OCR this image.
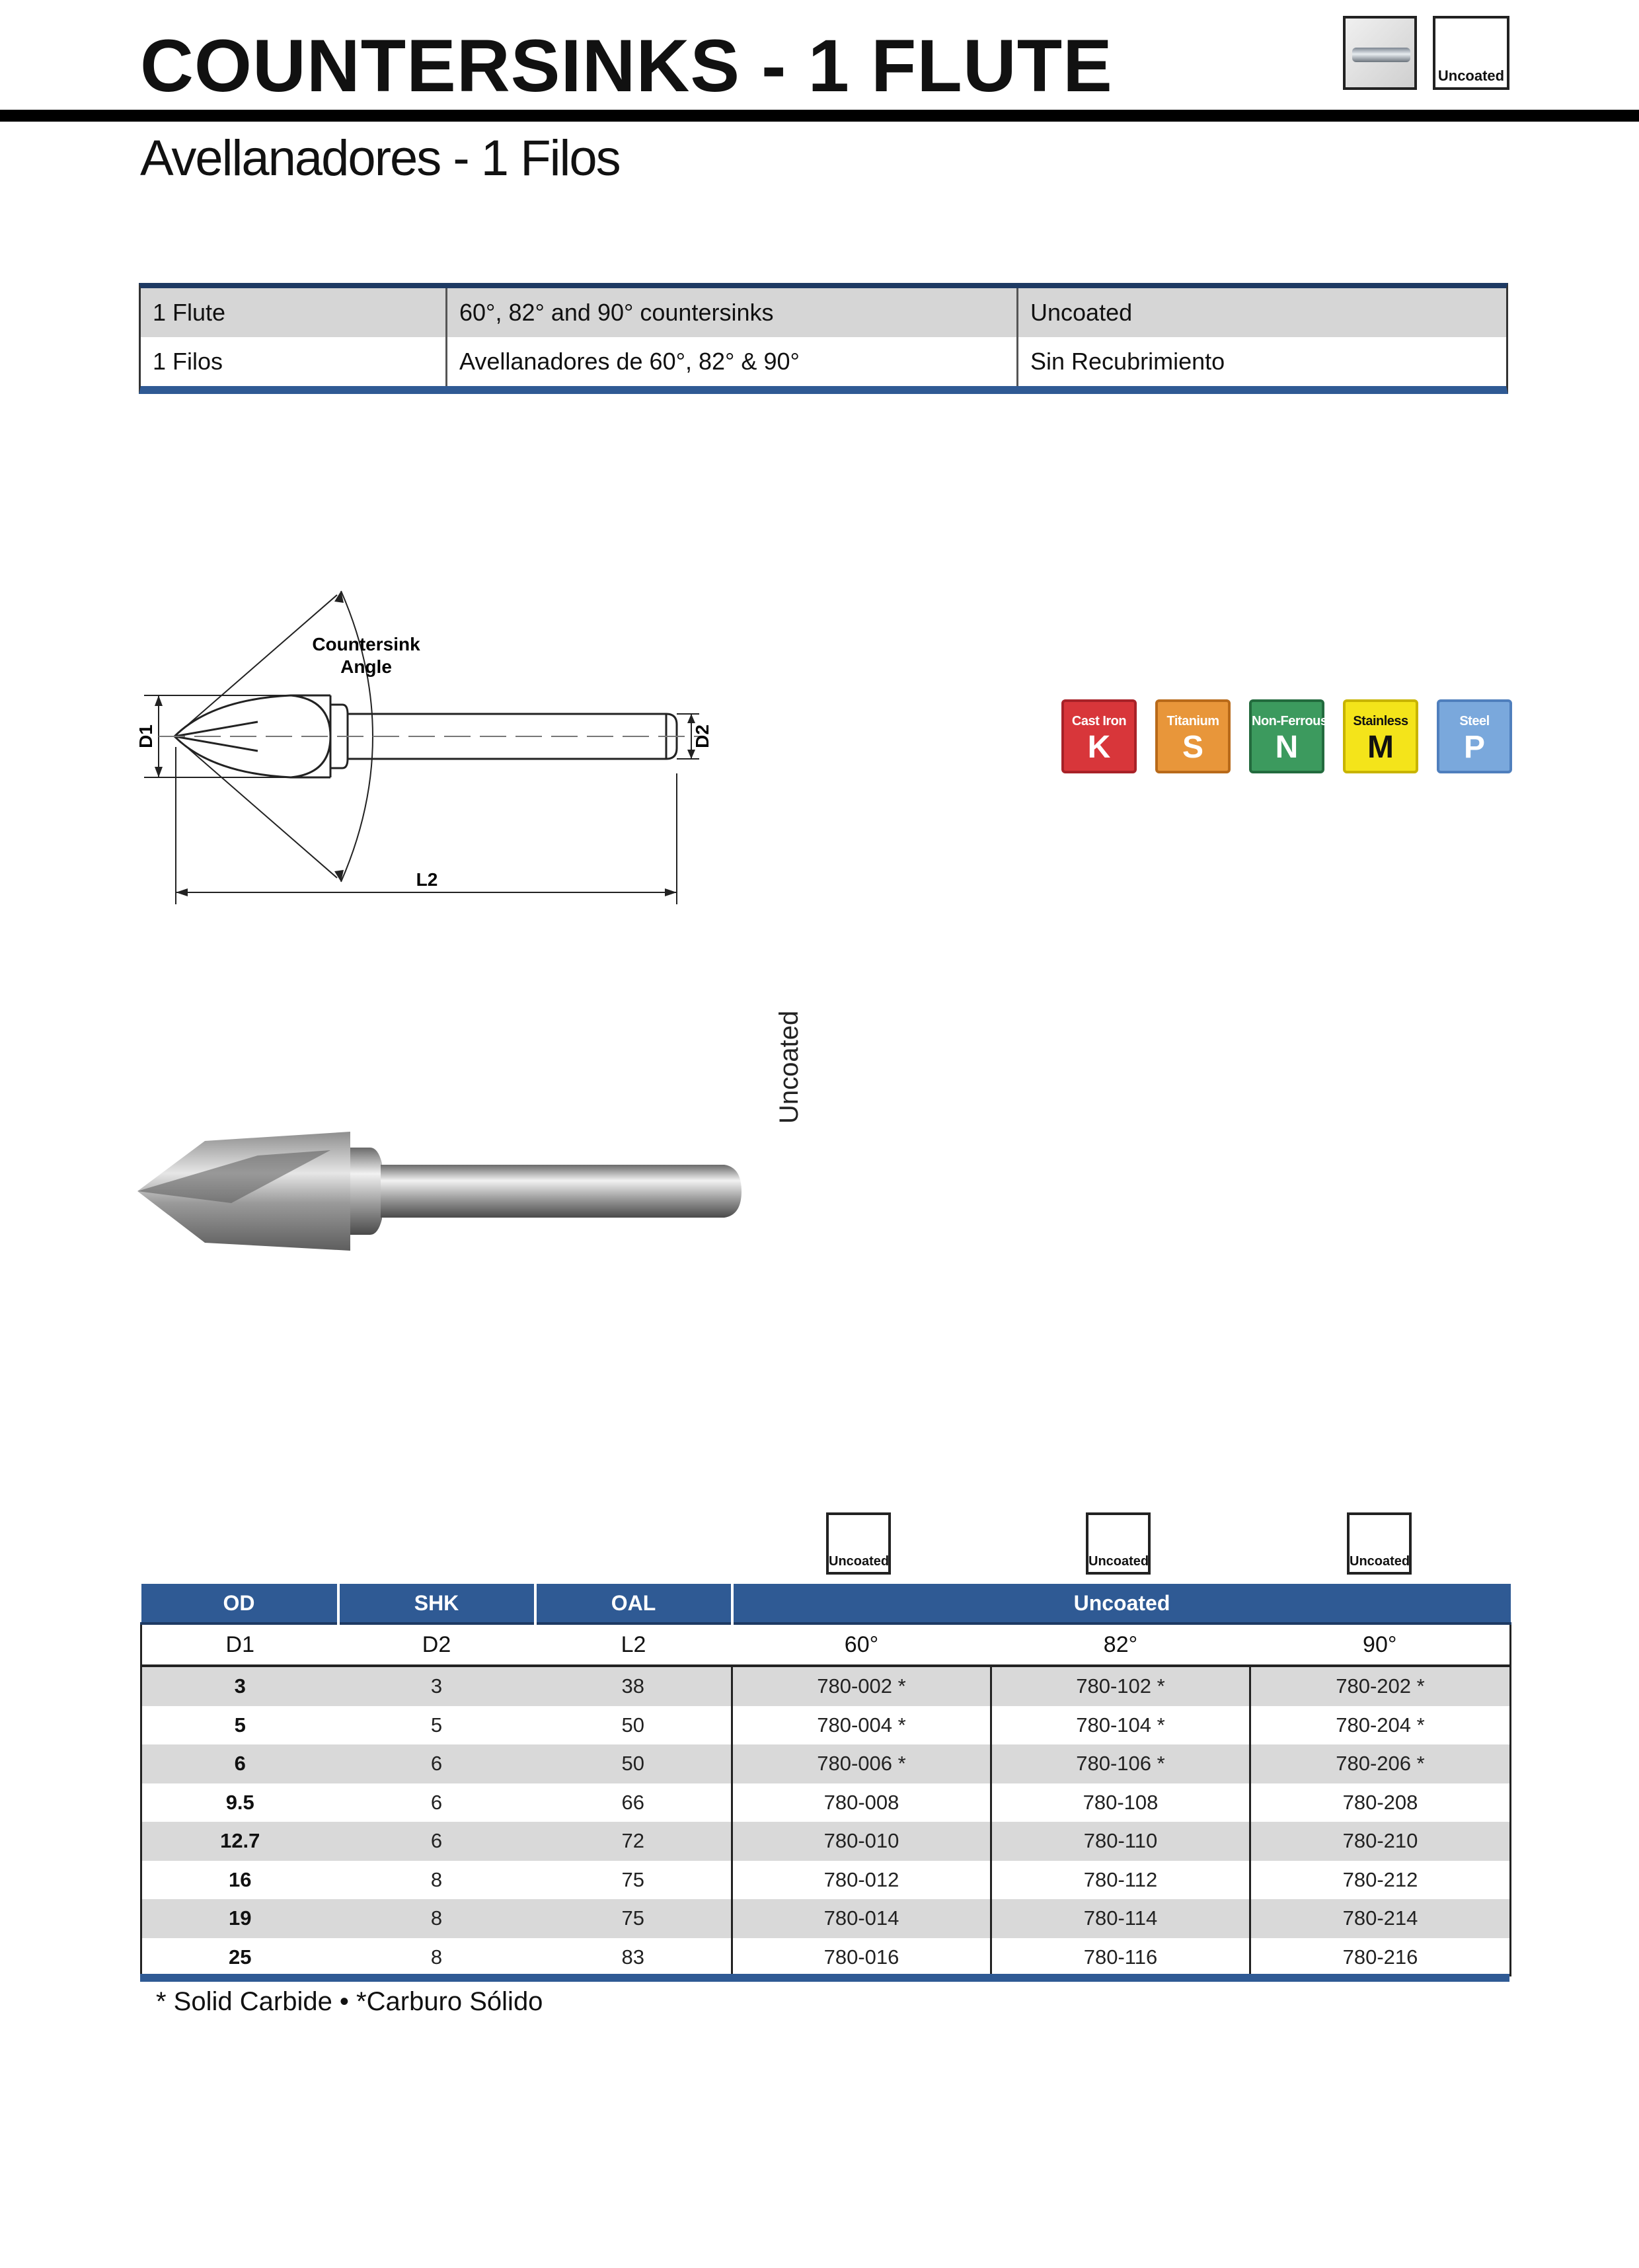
COUNTERSINKS - 1 FLUTE
Avellanadores - 1 Filos
Uncoated
1 Flute	60°, 82° and 90° countersinks	Uncoated
1 Filos	Avellanadores de 60°, 82° & 90°	Sin Recubrimiento
Countersink
Angle
D1	D2
L2
Cast Iron
K
Titanium
S
Non-Ferrous
N
Stainless
M
Steel
P
Uncoated
Uncoated	Uncoated	Uncoated
OD	SHK	OAL	Uncoated		
D1	D2	L2	60°	82°	90°
3	3	38	780-002 *	780-102 *	780-202 *
5	5	50	780-004 *	780-104 *	780-204 *
6	6	50	780-006 *	780-106 *	780-206 *
9.5	6	66	780-008	780-108	780-208
12.7	6	72	780-010	780-110	780-210
16	8	75	780-012	780-112	780-212
19	8	75	780-014	780-114	780-214
25	8	83	780-016	780-116	780-216
* Solid Carbide • *Carburo Sólido
